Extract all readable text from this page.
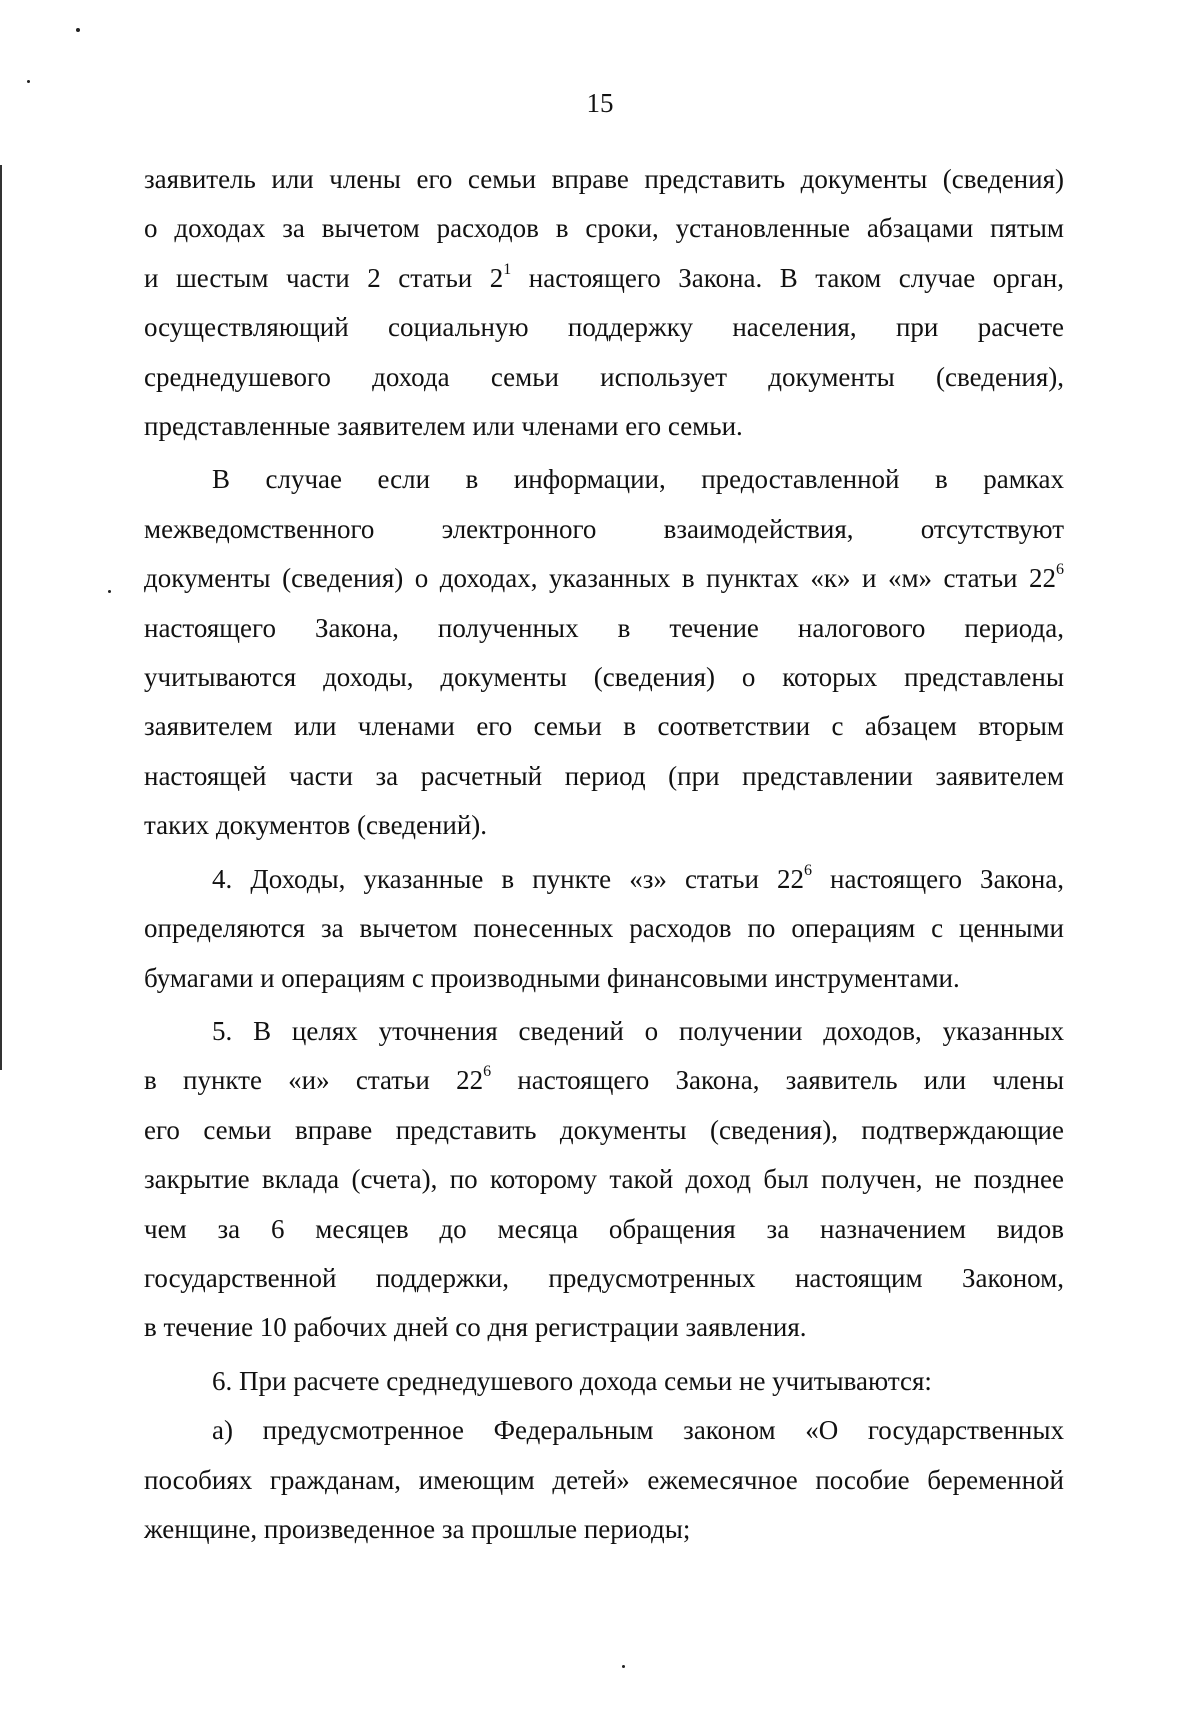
15
заявитель или члены его семьи вправе представить документы (сведения)
о доходах за вычетом расходов в сроки, установленные абзацами пятым
и шестым части 2 статьи $2^1$ настоящего Закона. В таком случае орган,
осуществляющий социальную поддержку населения, при расчете
среднедушевого дохода семьи использует документы (сведения),
представленные заявителем или членами его семьи.
В случае если в информации, предоставленной в рамках
межведомственного электронного взаимодействия, отсутствуют
документы (сведения) о доходах, указанных в пунктах «к» и «м» статьи $22^6$
настоящего Закона, полученных в течение налогового периода,
учитываются доходы, документы (сведения) о которых представлены
заявителем или членами его семьи в соответствии с абзацем вторым
настоящей части за расчетный период (при представлении заявителем
таких документов (сведений).
4. Доходы, указанные в пункте «з» статьи $22^6$ настоящего Закона,
определяются за вычетом понесенных расходов по операциям с ценными
бумагами и операциям с производными финансовыми инструментами.
5. В целях уточнения сведений о получении доходов, указанных
в пункте «и» статьи $22^6$ настоящего Закона, заявитель или члены
его семьи вправе представить документы (сведения), подтверждающие
закрытие вклада (счета), по которому такой доход был получен, не позднее
чем за 6 месяцев до месяца обращения за назначением видов
государственной поддержки, предусмотренных настоящим Законом,
в течение 10 рабочих дней со дня регистрации заявления.
6. При расчете среднедушевого дохода семьи не учитываются:
а) предусмотренное Федеральным законом «О государственных
пособиях гражданам, имеющим детей» ежемесячное пособие беременной
женщине, произведенное за прошлые периоды;
